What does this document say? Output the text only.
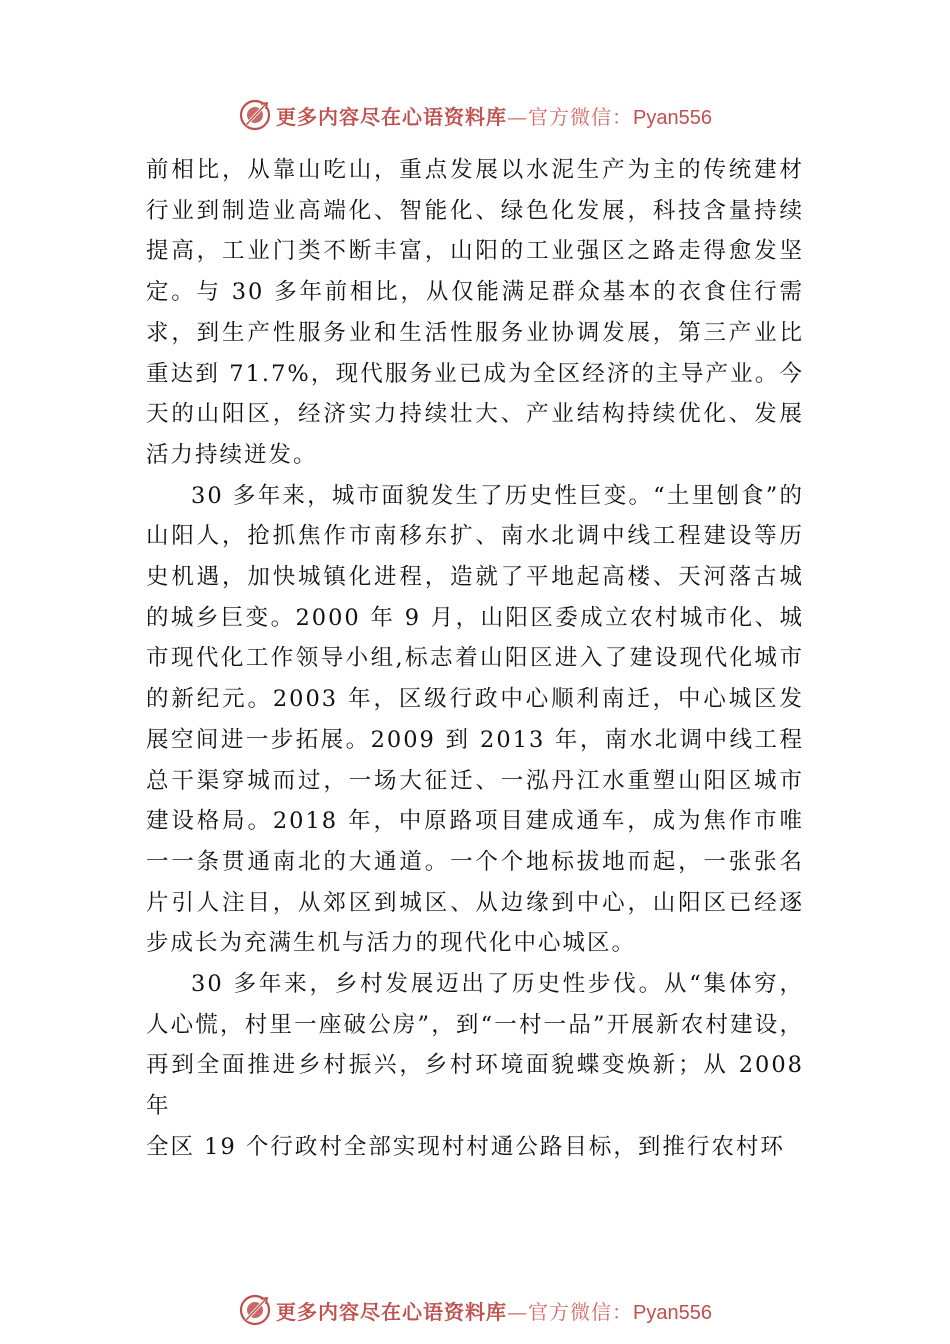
更多内容尽在心语资料库—官方微信：Pyan556

前相比，从靠山吃山，重点发展以水泥生产为主的传统建材行业到制造业高端化、智能化、绿色化发展，科技含量持续提高，工业门类不断丰富，山阳的工业强区之路走得愈发坚定。与 30 多年前相比，从仅能满足群众基本的衣食住行需求，到生产性服务业和生活性服务业协调发展，第三产业比重达到 71.7%，现代服务业已成为全区经济的主导产业。今天的山阳区，经济实力持续壮大、产业结构持续优化、发展活力持续迸发。

30 多年来，城市面貌发生了历史性巨变。“土里刨食”的山阳人，抢抓焦作市南移东扩、南水北调中线工程建设等历史机遇，加快城镇化进程，造就了平地起高楼、天河落古城的城乡巨变。2000 年 9 月，山阳区委成立农村城市化、城市现代化工作领导小组,标志着山阳区进入了建设现代化城市的新纪元。2003 年，区级行政中心顺利南迁，中心城区发展空间进一步拓展。2009 到 2013 年，南水北调中线工程总干渠穿城而过，一场大征迁、一泓丹江水重塑山阳区城市建设格局。2018 年，中原路项目建成通车，成为焦作市唯一一条贯通南北的大通道。一个个地标拔地而起，一张张名片引人注目，从郊区到城区、从边缘到中心，山阳区已经逐步成长为充满生机与活力的现代化中心城区。

30 多年来，乡村发展迈出了历史性步伐。从“集体穷，人心慌，村里一座破公房”，到“一村一品”开展新农村建设， 再到全面推进乡村振兴，乡村环境面貌蝶变焕新；从 2008 年

全区 19 个行政村全部实现村村通公路目标，到推行农村环

更多内容尽在心语资料库—官方微信：Pyan556
